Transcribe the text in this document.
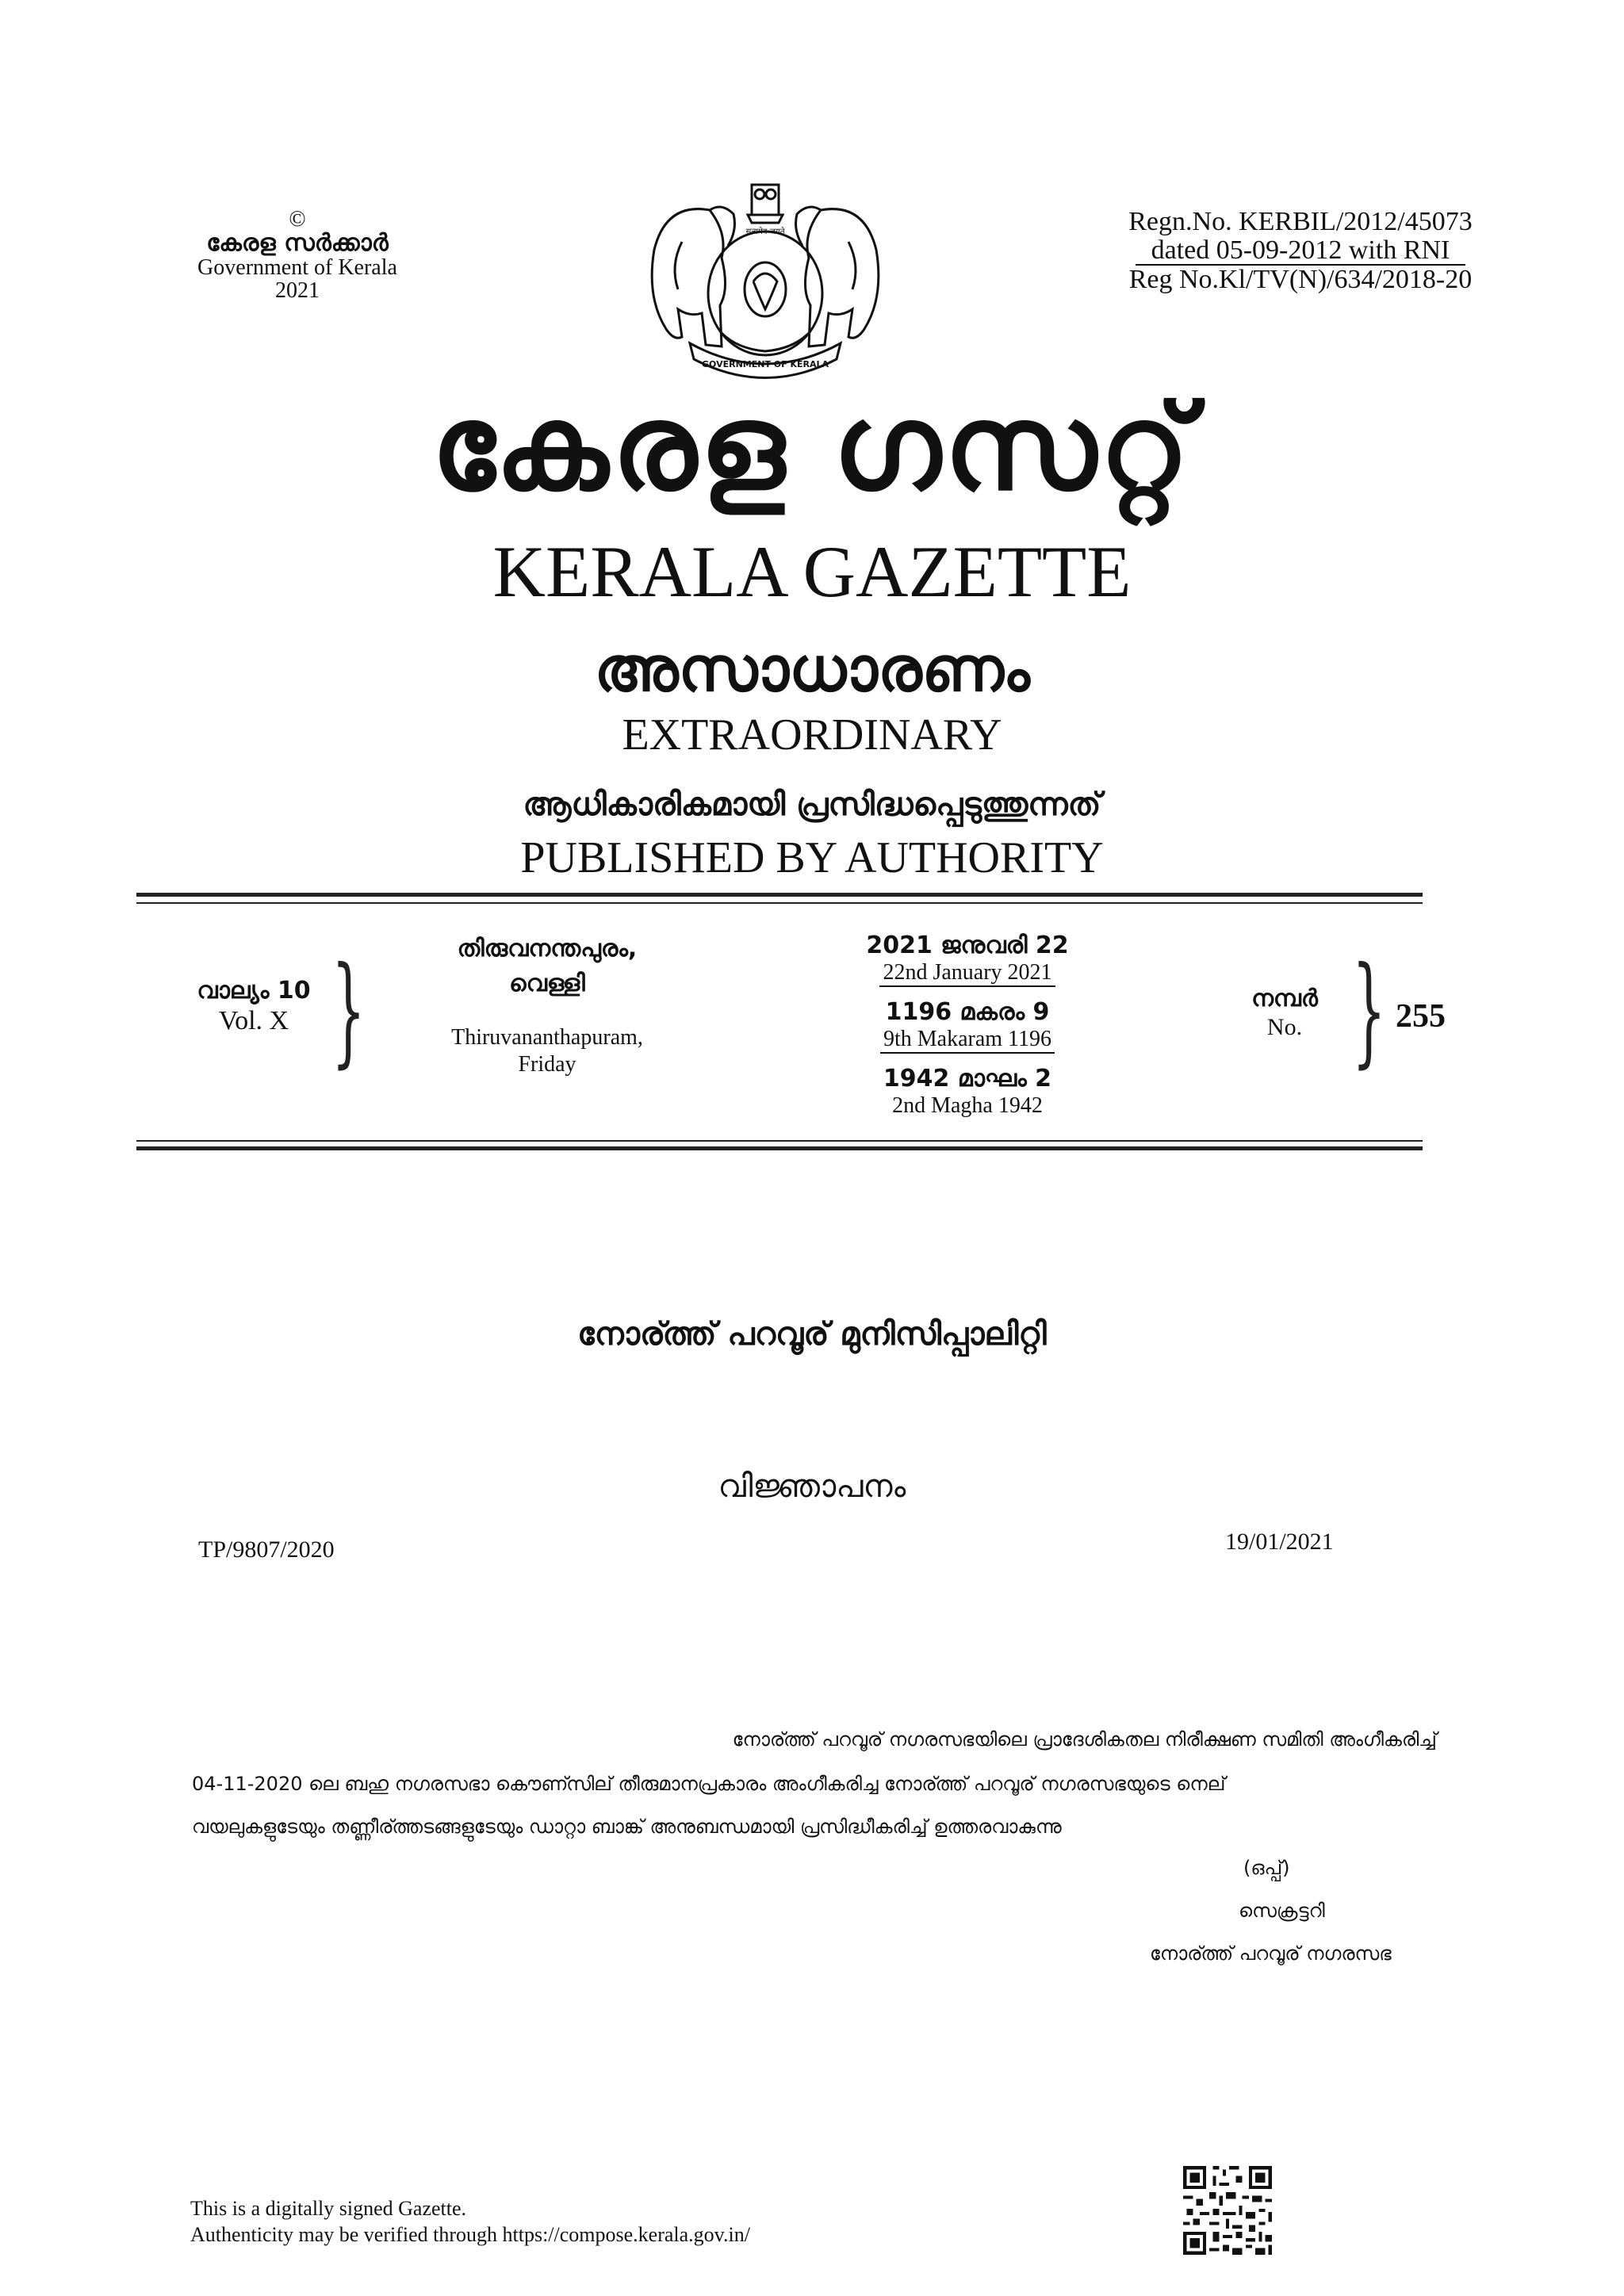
©
കേരള സർക്കാർ
Government of Kerala
2021
GOVERNMENT OF KERALA
सत्यमेव जयते	Regn.No. KERBIL/2012/45073
dated 05-09-2012 with RNI
Reg No.Kl/TV(N)/634/2018-20
കേരള ഗസറ്റ്
KERALA GAZETTE
അസാധാരണം
EXTRAORDINARY
ആധികാരികമായി പ്രസിദ്ധപ്പെടുത്തുന്നത്
PUBLISHED BY AUTHORITY
വാല്യം 10
Vol. X }	തിരുവനന്തപുരം,
വെള്ളി
Thiruvananthapuram,
Friday
2021 ജനുവരി 22
22nd January 2021
1196 മകരം 9
9th Makaram 1196
1942 മാഘം 2
2nd Magha 1942
നമ്പർ
No. } 255
നോര്ത്ത് പറവൂര് മുനിസിപ്പാലിറ്റി
വിജ്ഞാപനം
TP/9807/2020	19/01/2021
നോര്ത്ത് പറവൂര് നഗരസഭയിലെ പ്രാദേശികതല നിരീക്ഷണ സമിതി അംഗീകരിച്ച്
04-11-2020 ലെ ബഹു നഗരസഭാ കൌണ്സില് തീരുമാനപ്രകാരം അംഗീകരിച്ച നോര്ത്ത് പറവൂര് നഗരസഭയുടെ നെല്
വയലുകളുടേയും തണ്ണീര്ത്തടങ്ങളുടേയും ഡാറ്റാ ബാങ്ക് അനുബന്ധമായി പ്രസിദ്ധീകരിച്ച് ഉത്തരവാകുന്നു
(ഒപ്പ്)
സെക്രട്ടറി
നോര്ത്ത് പറവൂര് നഗരസഭ
This is a digitally signed Gazette.
Authenticity may be verified through https://compose.kerala.gov.in/
